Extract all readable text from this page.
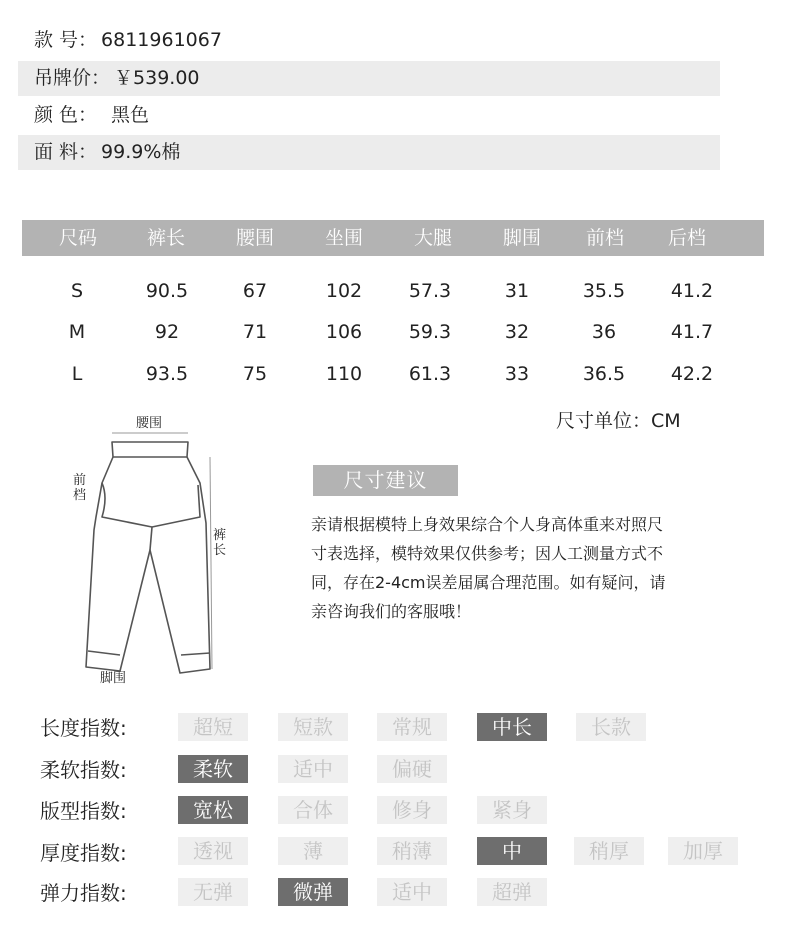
款 号： 6811961067
吊牌价： ￥539.00
颜 色： 黑色
面 料： 99.9%棉
尺码	裤长	腰围	坐围	大腿	脚围	前档	后档
S	90.5	67	102	57.3	31	35.5	41.2
M	92	71	106	59.3	32	36	41.7
L	93.5	75	110	61.3	33	36.5	42.2
尺寸单位：CM
腰围
前档
裤长
脚围
尺寸建议
亲请根据模特上身效果综合个人身高体重来对照尺
寸表选择，模特效果仅供参考；因人工测量方式不
同，存在2-4cm误差届属合理范围。如有疑问，请
亲咨询我们的客服哦！
长度指数:	超短	短款	常规	中长	长款
柔软指数:	柔软	适中	偏硬
版型指数:	宽松	合体	修身	紧身
厚度指数:	透视	薄	稍薄	中	稍厚	加厚
弹力指数:	无弹	微弹	适中	超弹
